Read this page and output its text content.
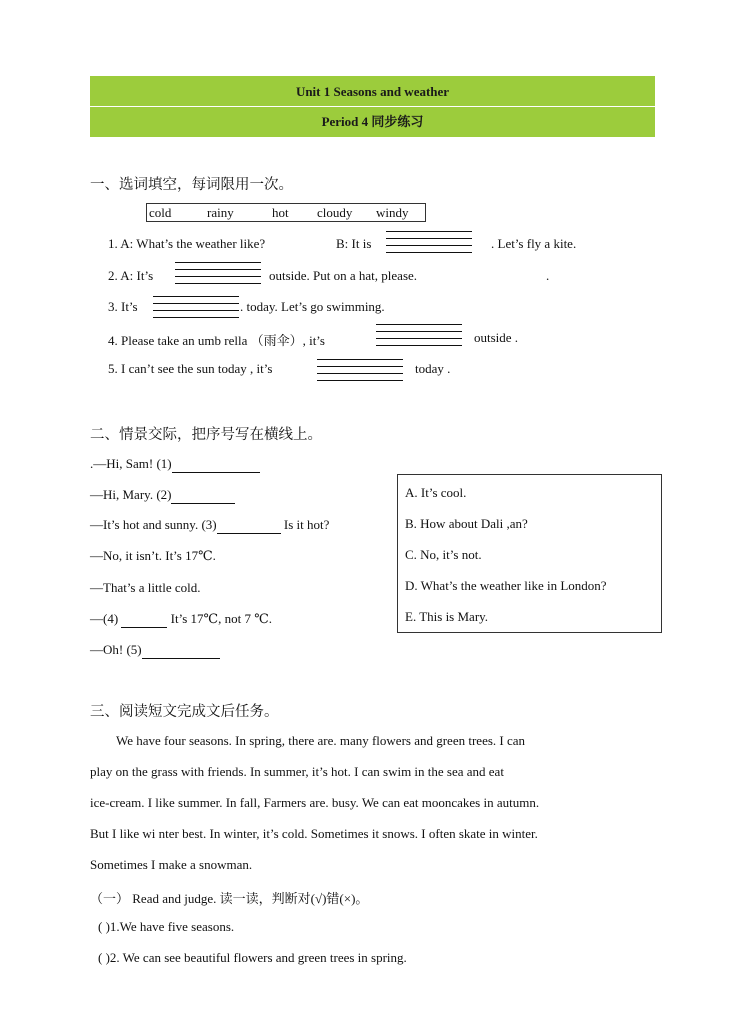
Unit 1 Seasons and weather
Period 4 同步练习
一、选词填空，每词限用一次。
cold	rainy	hot cloudy windy
1. A: What’s the weather like?	B: It is	. Let’s fly a kite.
2. A: It’s	outside. Put on a hat, please.	.
3. It’s	. today. Let’s go swimming.
4. Please take an umb rella （雨伞）, it’s	outside .
5. I can’t see the sun today , it’s	today .
二、情景交际，把序号写在横线上。
.—Hi, Sam! (1)
—Hi, Mary. (2)
—It’s hot and sunny. (3)	Is it hot?
—No, it isn’t. It’s 17℃.
—That’s a little cold.
—(4)	It’s 17℃, not 7 ℃.
—Oh! (5)
A. It’s cool.
B. How about Dali ,an?
C. No, it’s not.
D. What’s the weather like in London?
E. This is Mary.
三、阅读短文完成文后任务。
We have four seasons. In spring, there are. many flowers and green trees. I can
play on the grass with friends. In summer, it’s hot. I can swim in the sea and eat
ice-cream. I like summer. In fall, Farmers are. busy. We can eat mooncakes in autumn.
But I like wi nter best. In winter, it’s cold. Sometimes it snows. I often skate in winter.
Sometimes I make a snowman.
（一） Read and judge. 读一读，判断对(√)错(×)。
( )1.We have five seasons.
( )2. We can see beautiful flowers and green trees in spring.
